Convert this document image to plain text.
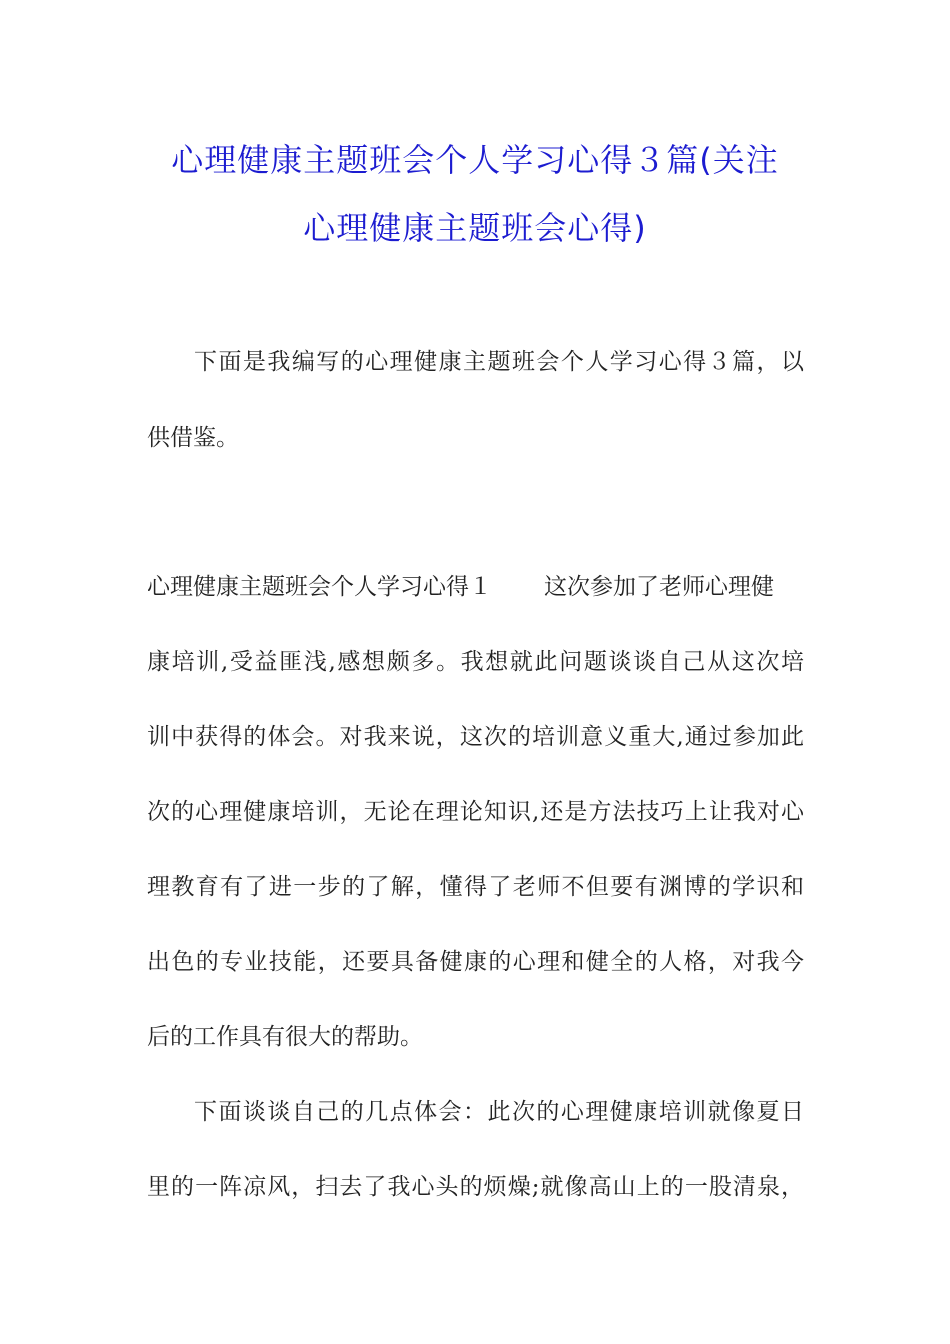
心理健康主题班会个人学习心得３篇(关注
心理健康主题班会心得)

下面是我编写的心理健康主题班会个人学习心得３篇，以

供借鉴。

心理健康主题班会个人学习心得１ 这次参加了老师心理健

康培训,受益匪浅,感想颇多。我想就此问题谈谈自己从这次培

训中获得的体会。对我来说，这次的培训意义重大,通过参加此

次的心理健康培训，无论在理论知识,还是方法技巧上让我对心

理教育有了进一步的了解，懂得了老师不但要有渊博的学识和

出色的专业技能，还要具备健康的心理和健全的人格，对我今

后的工作具有很大的帮助。

下面谈谈自己的几点体会：此次的心理健康培训就像夏日

里的一阵凉风，扫去了我心头的烦燥;就像高山上的一股清泉，
